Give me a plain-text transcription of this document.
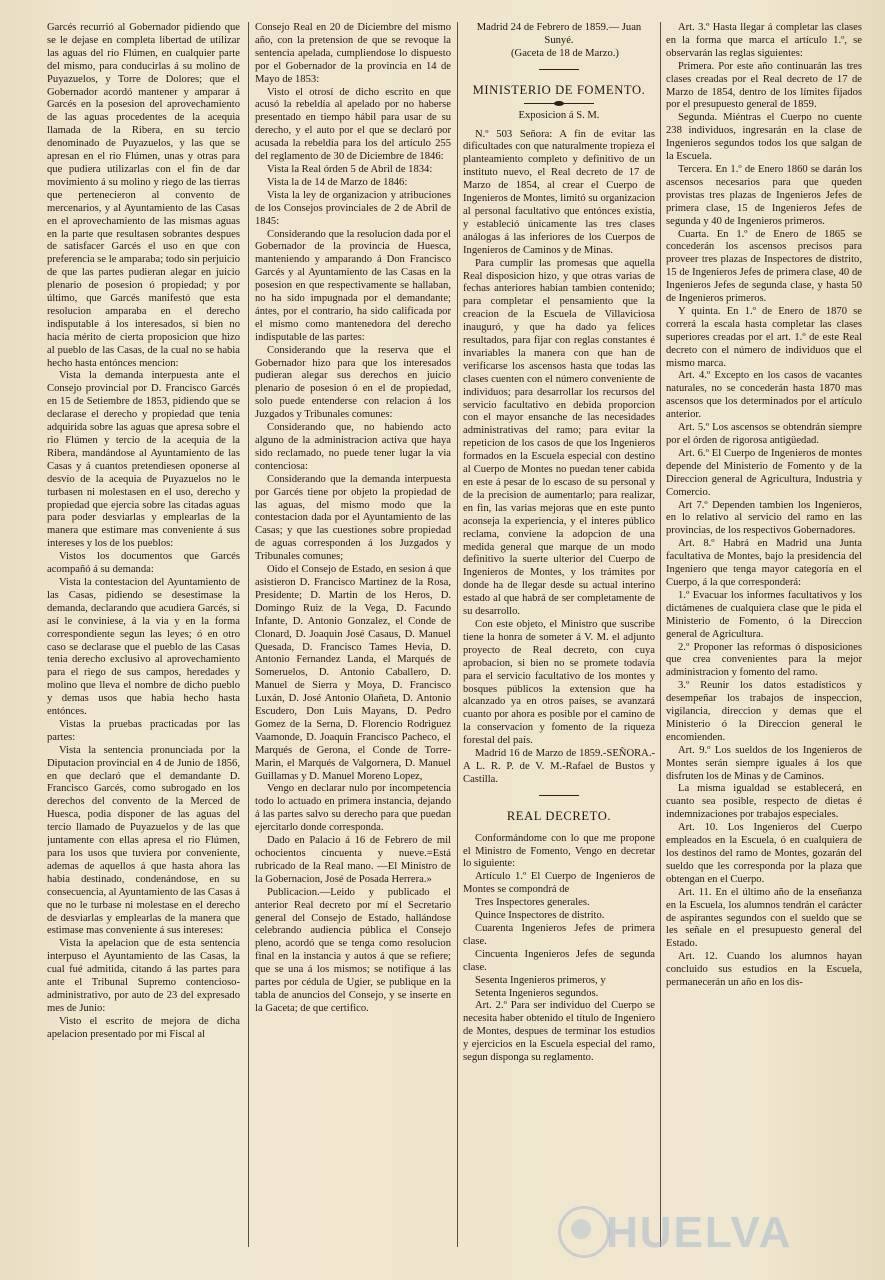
Garcés recurrió al Gobernador pidiendo que se le dejase en completa libertad de utilizar las aguas del rio Flúmen, en cualquier parte del mismo, para conducirlas á su molino de Puyazuelos, y Torre de Dolores; que el Gobernador acordó mantener y amparar á Garcés en la posesion del aprovechamiento de las aguas procedentes de la acequia llamada de la Ribera, en su tercio denominado de Puyazuelos, y las que se apresan en el rio Flúmen, unas y otras para que pudiera utilizarlas con el fin de dar movimiento á su molino y riego de las tierras que pertenecieron al convento de mercenarios, y al Ayuntamiento de las Casas en el aprovechamiento de las mismas aguas en la parte que resultasen sobrantes despues de satisfacer Garcés el uso en que con preferencia se le amparaba; todo sin perjuicio de que las partes pudieran alegar en juicio plenario de posesion ó propiedad; y por último, que Garcés manifestó que esta resolucion amparaba en el derecho indisputable á los interesados, si bien no hacia mérito de cierta proposicion que hizo al pueblo de las Casas, de la cual no se habia hecho hasta entónces mencion:

Vista la demanda interpuesta ante el Consejo provincial por D. Francisco Garcés en 15 de Setiembre de 1853, pidiendo que se declarase el derecho y propiedad que tenia adquirida sobre las aguas que apresa sobre el rio Flúmen y tercio de la acequia de la Ribera, mandándose al Ayuntamiento de las Casas y á cuantos pretendiesen oponerse al desvío de la acequia de Puyazuelos no le turbasen ni molestasen en el uso, derecho y propiedad que ejercia sobre las citadas aguas para poder desviarlas y emplearlas de la manera que estimare mas conveniente á sus intereses y los de los pueblos:

Vistos los documentos que Garcés acompañó á su demanda:

Vista la contestacion del Ayuntamiento de las Casas, pidiendo se desestimase la demanda, declarando que acudiera Garcés, si así le conviniese, á la via y en la forma correspondiente segun las leyes; ó en otro caso se declarase que el pueblo de las Casas tenia derecho exclusivo al aprovechamiento para el riego de sus campos, heredades y molino que lleva el nombre de dicho pueblo y demas usos que habia hecho hasta entónces.

Vistas la pruebas practicadas por las partes:

Vista la sentencia pronunciada por la Diputacion provincial en 4 de Junio de 1856, en que declaró que el demandante D. Francisco Garcés, como subrogado en los derechos del convento de la Merced de Huesca, podia disponer de las aguas del tercio llamado de Puyazuelos y de las que juntamente con ellas apresa el rio Flúmen, para los usos que tuviera por conveniente, ademas de aquellos á que hasta ahora las habia destinado, condenándose, en su consecuencia, al Ayuntamiento de las Casas á que no le turbase ni molestase en el derecho de desviarlas y emplearlas de la manera que estimase mas conveniente á sus intereses:

Vista la apelacion que de esta sentencia interpuso el Ayuntamiento de las Casas, la cual fué admitida, citando á las partes para ante el Tribunal Supremo contencioso-administrativo, por auto de 23 del expresado mes de Junio:

Visto el escrito de mejora de dicha apelacion presentado por mi Fiscal al

Consejo Real en 20 de Diciembre del mismo año, con la pretension de que se revoque la sentencia apelada, cumpliendose lo dispuesto por el Gobernador de la provincia en 14 de Mayo de 1853:

Visto el otrosí de dicho escrito en que acusó la rebeldía al apelado por no haberse presentado en tiempo hábil para usar de su derecho, y el auto por el que se declaró por acusada la rebeldía para los del artículo 255 del reglamento de 30 de Diciembre de 1846:

Vista la Real órden 5 de Abril de 1834:

Vista la de 14 de Marzo de 1846:

Vista la ley de organizacion y atribuciones de los Consejos provinciales de 2 de Abril de 1845:

Considerando que la resolucion dada por el Gobernador de la provincia de Huesca, manteniendo y amparando á Don Francisco Garcés y al Ayuntamiento de las Casas en la posesion en que respectivamente se hallaban, no ha sido impugnada por el demandante; ántes, por el contrario, ha sido calificada por el mismo como mantenedora del derecho indisputable de las partes:

Considerando que la reserva que el Gobernador hizo para que los interesados pudieran alegar sus derechos en juicio plenario de posesion ó en el de propiedad, solo puede entenderse con relacion á los Juzgados y Tribunales comunes:

Considerando que, no habiendo acto alguno de la administracion activa que haya sido reclamado, no puede tener lugar la via contenciosa:

Considerando que la demanda interpuesta por Garcés tiene por objeto la propiedad de las aguas, del mismo modo que la contestacion dada por el Ayuntamiento de las Casas; y que las cuestiones sobre propiedad de aguas corresponden á los Juzgados y Tribunales comunes;

Oido el Consejo de Estado, en sesion á que asistieron D. Francisco Martinez de la Rosa, Presidente; D. Martin de los Heros, D. Domingo Ruiz de la Vega, D. Facundo Infante, D. Antonio Gonzalez, el Conde de Clonard, D. Joaquin José Casaus, D. Manuel Quesada, D. Francisco Tames Hevia, D. Antonio Fernandez Landa, el Marqués de Someruelos, D. Antonio Caballero, D. Manuel de Sierra y Moya, D. Francisco Luxán, D. José Antonio Olañeta, D. Antonio Escudero, Don Luis Mayans, D. Pedro Gomez de la Serna, D. Florencio Rodriguez Vaamonde, D. Joaquin Francisco Pacheco, el Marqués de Gerona, el Conde de Torre-Marin, el Marqués de Valgornera, D. Manuel Guillamas y D. Manuel Moreno Lopez,

Vengo en declarar nulo por incompetencia todo lo actuado en primera instancia, dejando á las partes salvo su derecho para que puedan ejercitarlo donde corresponda.

Dado en Palacio á 16 de Febrero de mil ochocientos cincuenta y nueve.=Está rubricado de la Real mano. —El Ministro de la Gobernacion, José de Posada Herrera.»

Publicacion.—Leido y publicado el anterior Real decreto por mí el Secretario general del Consejo de Estado, hallándose celebrando audiencia pública el Consejo pleno, acordó que se tenga como resolucion final en la instancia y autos á que se refiere; que se una á los mismos; se notifique á las partes por cédula de Ugier, se publique en la tabla de anuncios del Consejo, y se inserte en la Gaceta; de que certifico.

Madrid 24 de Febrero de 1859.— Juan Sunyé.

(Gaceta de 18 de Marzo.)

MINISTERIO DE FOMENTO.
Exposicion á S. M.

N.º 503 Señora: A fin de evitar las dificultades con que naturalmente tropieza el planteamiento completo y definitivo de un instituto nuevo, el Real decreto de 17 de Marzo de 1854, al crear el Cuerpo de Ingenieros de Montes, limitó su organizacion al personal facultativo que entónces existia, y estableció únicamente las tres clases análogas á las inferiores de los Cuerpos de Ingenieros de Caminos y de Minas.

Para cumplir las promesas que aquella Real disposicion hizo, y que otras varias de fechas anteriores habian tambien contenido; para completar el pensamiento que la creacion de la Escuela de Villaviciosa inauguró, y que ha dado ya felices resultados, para fijar con reglas constantes é invariables la manera con que han de verificarse los ascensos hasta que todas las clases cuenten con el número conveniente de individuos; para desarrollar los recursos del servicio facultativo en debida proporcion con el mayor ensanche de las necesidades administrativas del ramo; para evitar la repeticion de los casos de que los Ingenieros formados en la Escuela especial con destino al Cuerpo de Montes no puedan tener cabida en este á pesar de lo escaso de su personal y de la precision de aumentarlo; para realizar, en fin, las varias mejoras que en este punto aconseja la experiencia, y el interes público reclama, conviene la adopcion de una medida general que marque de un modo definitivo la suerte ulterior del Cuerpo de Ingenieros de Montes, y los trámites por donde ha de llegar desde su actual interino estado al que habrá de ser completamente de su desarrollo.

Con este objeto, el Ministro que suscribe tiene la honra de someter á V. M. el adjunto proyecto de Real decreto, con cuya aprobacion, si bien no se promete todavía para el servicio facultativo de los montes y bosques públicos la extension que ha alcanzado ya en otros países, se avanzará cuanto por ahora es posible por el camino de la conservacion y fomento de la riqueza forestal del país.

Madrid 16 de Marzo de 1859.-SEÑORA.-A L. R. P. de V. M.-Rafael de Bustos y Castilla.

REAL DECRETO.

Conformándome con lo que me propone el Ministro de Fomento, Vengo en decretar lo siguiente:

Artículo 1.º El Cuerpo de Ingenieros de Montes se compondrá de

Tres Inspectores generales.

Quince Inspectores de distrito.

Cuarenta Ingenieros Jefes de primera clase.

Cincuenta Ingenieros Jefes de segunda clase.

Sesenta Ingenieros primeros, y

Setenta Ingenieros segundos.

Art. 2.º Para ser individuo del Cuerpo se necesita haber obtenido el título de Ingeniero de Montes, despues de terminar los estudios y ejercicios en la Escuela especial del ramo, segun disponga su reglamento.

Art. 3.º Hasta llegar á completar las clases en la forma que marca el artículo 1.º, se observarán las reglas siguientes:

Primera. Por este año continuarán las tres clases creadas por el Real decreto de 17 de Marzo de 1854, dentro de los límites fijados por el presupuesto general de 1859.

Segunda. Miéntras el Cuerpo no cuente 238 individuos, ingresarán en la clase de Ingenieros segundos todos los que salgan de la Escuela.

Tercera. En 1.º de Enero 1860 se darán los ascensos necesarios para que queden provistas tres plazas de Ingenieros Jefes de primera clase, 15 de Ingenieros Jefes de segunda y 40 de Ingenieros primeros.

Cuarta. En 1.º de Enero de 1865 se concederán los ascensos precisos para proveer tres plazas de Inspectores de distrito, 15 de Ingenieros Jefes de primera clase, 40 de Ingenieros Jefes de segunda clase, y hasta 50 de Ingenieros primeros.

Y quinta. En 1.º de Enero de 1870 se correrá la escala hasta completar las clases superiores creadas por el art. 1.º de este Real decreto con el número de individuos que el mismo marca.

Art. 4.º Excepto en los casos de vacantes naturales, no se concederán hasta 1870 mas ascensos que los determinados por el artículo anterior.

Art. 5.º Los ascensos se obtendrán siempre por el órden de rigorosa antigüedad.

Art. 6.º El Cuerpo de Ingenieros de montes depende del Ministerio de Fomento y de la Direccion general de Agricultura, Industria y Comercio.

Art 7.º Dependen tambien los Ingenieros, en lo relativo al servicio del ramo en las provincias, de los respectivos Gobernadores.

Art. 8.º Habrá en Madrid una Junta facultativa de Montes, bajo la presidencia del Ingeniero que tenga mayor categoría en el Cuerpo, á la que corresponderá:

1.º Evacuar los informes facultativos y los dictámenes de cualquiera clase que le pida el Ministerio de Fomento, ó la Direccion general de Agricultura.

2.º Proponer las reformas ó disposiciones que crea convenientes para la mejor administracion y fomento del ramo.

3.º Reunir los datos estadísticos y desempeñar los trabajos de inspeccion, vigilancia, direccion y demas que el Ministerio ó la Direccion general le encomienden.

Art. 9.º Los sueldos de los Ingenieros de Montes serán siempre iguales á los que disfruten los de Minas y de Caminos.

La misma igualdad se establecerá, en cuanto sea posible, respecto de dietas é indemnizaciones por trabajos especiales.

Art. 10. Los Ingenieros del Cuerpo empleados en la Escuela, ó en cualquiera de los destinos del ramo de Montes, gozarán del sueldo que les corresponda por la plaza que obtengan en el Cuerpo.

Art. 11. En el último año de la enseñanza en la Escuela, los alumnos tendrán el carácter de aspirantes segundos con el sueldo que se les señale en el presupuesto general del Estado.

Art. 12. Cuando los alumnos hayan concluido sus estudios en la Escuela, permanecerán un año en los dis-

HUELVA
